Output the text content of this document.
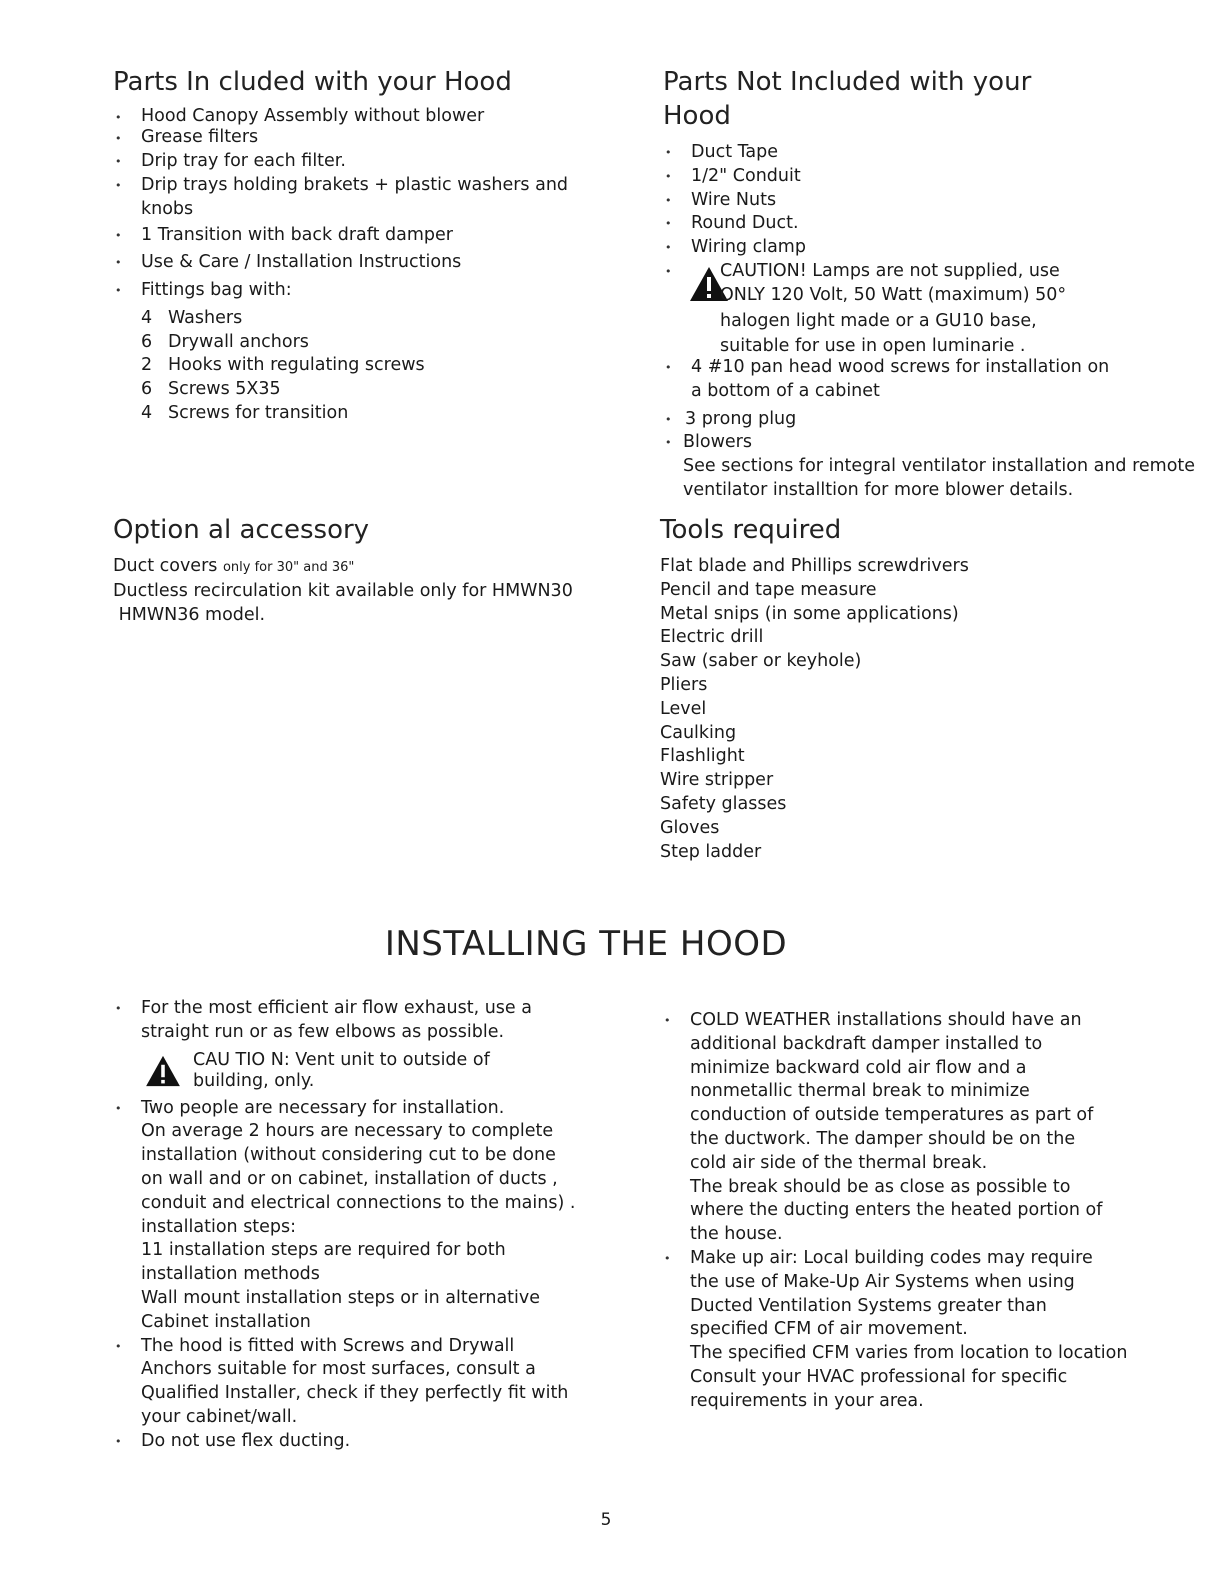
Parts In cluded with your Hood
• Hood Canopy Assembly without blower
• Grease filters
• Drip tray for each filter.
• Drip trays holding brakets + plastic washers and knobs
• 1 Transition with back draft damper
• Use & Care / Installation Instructions
• Fittings bag with:
4 Washers
6 Drywall anchors
2 Hooks with regulating screws
6 Screws 5X35
4 Screws for transition
Parts Not Included with your
Hood
• Duct Tape
• 1/2" Conduit
• Wire Nuts
• Round Duct.
• Wiring clamp
• CAUTION! Lamps are not supplied, use
ONLY 120 Volt, 50 Watt (maximum) 50°
halogen light made or a GU10 base,
suitable for use in open luminarie .
• 4 #10 pan head wood screws for installation on
a bottom of a cabinet
• 3 prong plug
• Blowers
See sections for integral ventilator installation and remote
ventilator installtion for more blower details.
Option al accessory
Duct covers only for 30" and 36"
Ductless recirculation kit available only for HMWN30
HMWN36 model.
Tools required
Flat blade and Phillips screwdrivers
Pencil and tape measure
Metal snips (in some applications)
Electric drill
Saw (saber or keyhole)
Pliers
Level
Caulking
Flashlight
Wire stripper
Safety glasses
Gloves
Step ladder
INSTALLING THE HOOD
• For the most efficient air flow exhaust, use a
straight run or as few elbows as possible.
CAU TIO N: Vent unit to outside of
building, only.
• Two people are necessary for installation.
On average 2 hours are necessary to complete
installation (without considering cut to be done
on wall and or on cabinet, installation of ducts ,
conduit and electrical connections to the mains) .
installation steps:
11 installation steps are required for both
installation methods
Wall mount installation steps or in alternative
Cabinet installation
• The hood is fitted with Screws and Drywall
Anchors suitable for most surfaces, consult a
Qualified Installer, check if they perfectly fit with
your cabinet/wall.
• Do not use flex ducting.
• COLD WEATHER installations should have an
additional backdraft damper installed to
minimize backward cold air flow and a
nonmetallic thermal break to minimize
conduction of outside temperatures as part of
the ductwork. The damper should be on the
cold air side of the thermal break.
The break should be as close as possible to
where the ducting enters the heated portion of
the house.
• Make up air: Local building codes may require
the use of Make-Up Air Systems when using
Ducted Ventilation Systems greater than
specified CFM of air movement.
The specified CFM varies from location to location
Consult your HVAC professional for specific
requirements in your area.
5
